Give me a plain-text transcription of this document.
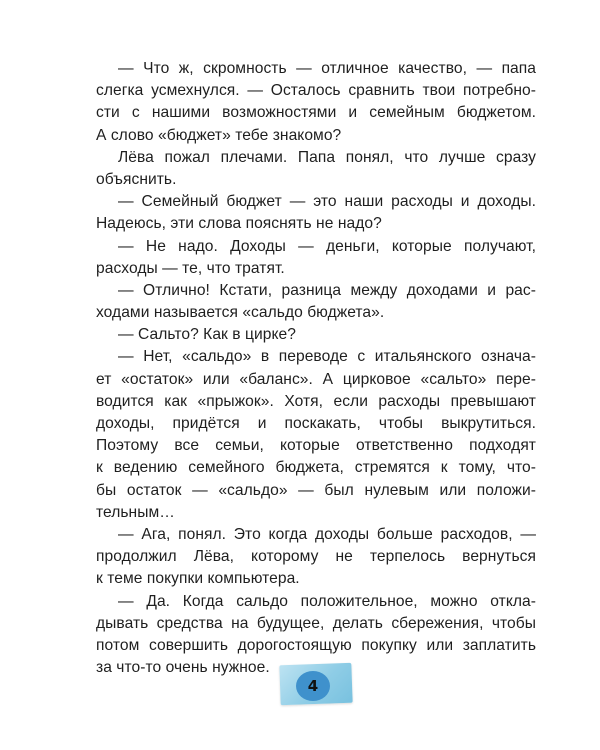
— Что ж, скромность — отличное качество, — папа
слегка усмехнулся. — Осталось сравнить твои потребно-
сти с нашими возможностями и семейным бюджетом.
А слово «бюджет» тебе знакомо?
Лёва пожал плечами. Папа понял, что лучше сразу
объяснить.
— Семейный бюджет — это наши расходы и доходы.
Надеюсь, эти слова пояснять не надо?
— Не надо. Доходы — деньги, которые получают,
расходы — те, что тратят.
— Отлично! Кстати, разница между доходами и рас-
ходами называется «сальдо бюджета».
— Сальто? Как в цирке?
— Нет, «сальдо» в переводе с итальянского означа-
ет «остаток» или «баланс». А цирковое «сальто» пере-
водится как «прыжок». Хотя, если расходы превышают
доходы, придётся и поскакать, чтобы выкрутиться.
Поэтому все семьи, которые ответственно подходят
к ведению семейного бюджета, стремятся к тому, что-
бы остаток — «сальдо» — был нулевым или положи-
тельным…
— Ага, понял. Это когда доходы больше расходов, —
продолжил Лёва, которому не терпелось вернуться
к теме покупки компьютера.
— Да. Когда сальдо положительное, можно откла-
дывать средства на будущее, делать сбережения, чтобы
потом совершить дорогостоящую покупку или заплатить
за что-то очень нужное.
4
